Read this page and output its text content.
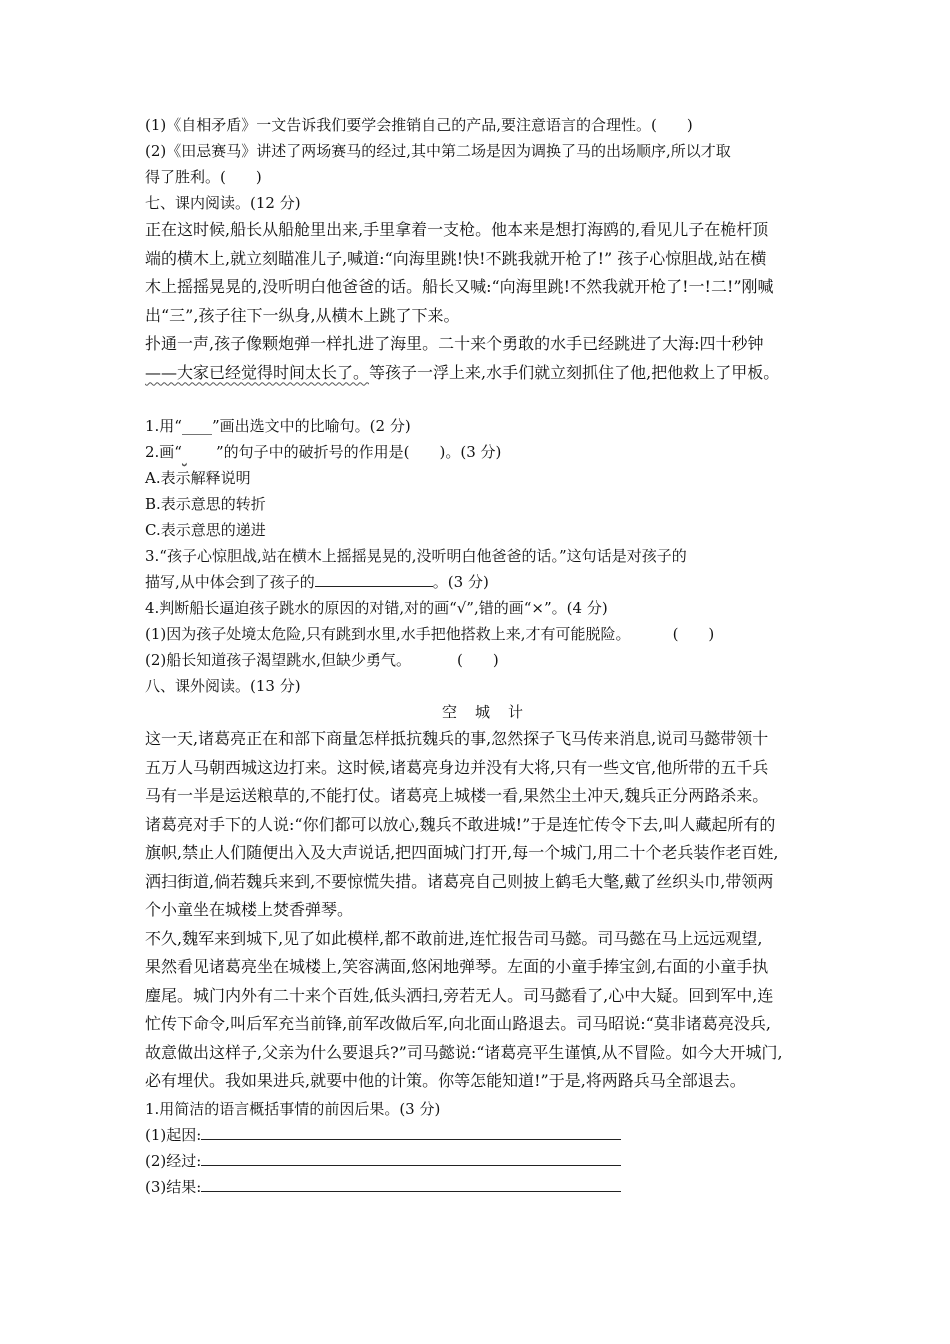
(1)《自相矛盾》一文告诉我们要学会推销自己的产品,要注意语言的合理性。(　　)
(2)《田忌赛马》讲述了两场赛马的经过,其中第二场是因为调换了马的出场顺序,所以才取
得了胜利。(　　)
七、课内阅读。(12 分)
正在这时候,船长从船舱里出来,手里拿着一支枪。他本来是想打海鸥的,看见儿子在桅杆顶
端的横木上,就立刻瞄准儿子,喊道:“向海里跳!快!不跳我就开枪了!” 孩子心惊胆战,站在横
木上摇摇晃晃的,没听明白他爸爸的话。船长又喊:“向海里跳!不然我就开枪了!一!二!”刚喊
出“三”,孩子往下一纵身,从横木上跳了下来。
扑通一声,孩子像颗炮弹一样扎进了海里。二十来个勇敢的水手已经跳进了大海:四十秒钟
——大家已经觉得时间太长了。等孩子一浮上来,水手们就立刻抓住了他,把他救上了甲板。
1.用“____”画出选文中的比喻句。(2 分)
2.画“ ”的句子中的破折号的作用是(　　)。(3 分)
A.表示解释说明
B.表示意思的转折
C.表示意思的递进
3.“孩子心惊胆战,站在横木上摇摇晃晃的,没听明白他爸爸的话。”这句话是对孩子的
描写,从中体会到了孩子的	。(3 分)
4.判断船长逼迫孩子跳水的原因的对错,对的画“√”,错的画“×”。(4 分)
(1)因为孩子处境太危险,只有跳到水里,水手把他搭救上来,才有可能脱险。	(　　)
(2)船长知道孩子渴望跳水,但缺少勇气。	(　　)
八、课外阅读。(13 分)
空城计
这一天,诸葛亮正在和部下商量怎样抵抗魏兵的事,忽然探子飞马传来消息,说司马懿带领十
五万人马朝西城这边打来。这时候,诸葛亮身边并没有大将,只有一些文官,他所带的五千兵
马有一半是运送粮草的,不能打仗。诸葛亮上城楼一看,果然尘土冲天,魏兵正分两路杀来。
诸葛亮对手下的人说:“你们都可以放心,魏兵不敢进城!”于是连忙传令下去,叫人藏起所有的
旗帜,禁止人们随便出入及大声说话,把四面城门打开,每一个城门,用二十个老兵装作老百姓,
洒扫街道,倘若魏兵来到,不要惊慌失措。诸葛亮自己则披上鹤毛大氅,戴了丝织头巾,带领两
个小童坐在城楼上焚香弹琴。
不久,魏军来到城下,见了如此模样,都不敢前进,连忙报告司马懿。司马懿在马上远远观望,
果然看见诸葛亮坐在城楼上,笑容满面,悠闲地弹琴。左面的小童手捧宝剑,右面的小童手执
麈尾。城门内外有二十来个百姓,低头洒扫,旁若无人。司马懿看了,心中大疑。回到军中,连
忙传下命令,叫后军充当前锋,前军改做后军,向北面山路退去。司马昭说:“莫非诸葛亮没兵,
故意做出这样子,父亲为什么要退兵?”司马懿说:“诸葛亮平生谨慎,从不冒险。如今大开城门,
必有埋伏。我如果进兵,就要中他的计策。你等怎能知道!”于是,将两路兵马全部退去。
1.用简洁的语言概括事情的前因后果。(3 分)
(1)起因:
(2)经过:
(3)结果:
